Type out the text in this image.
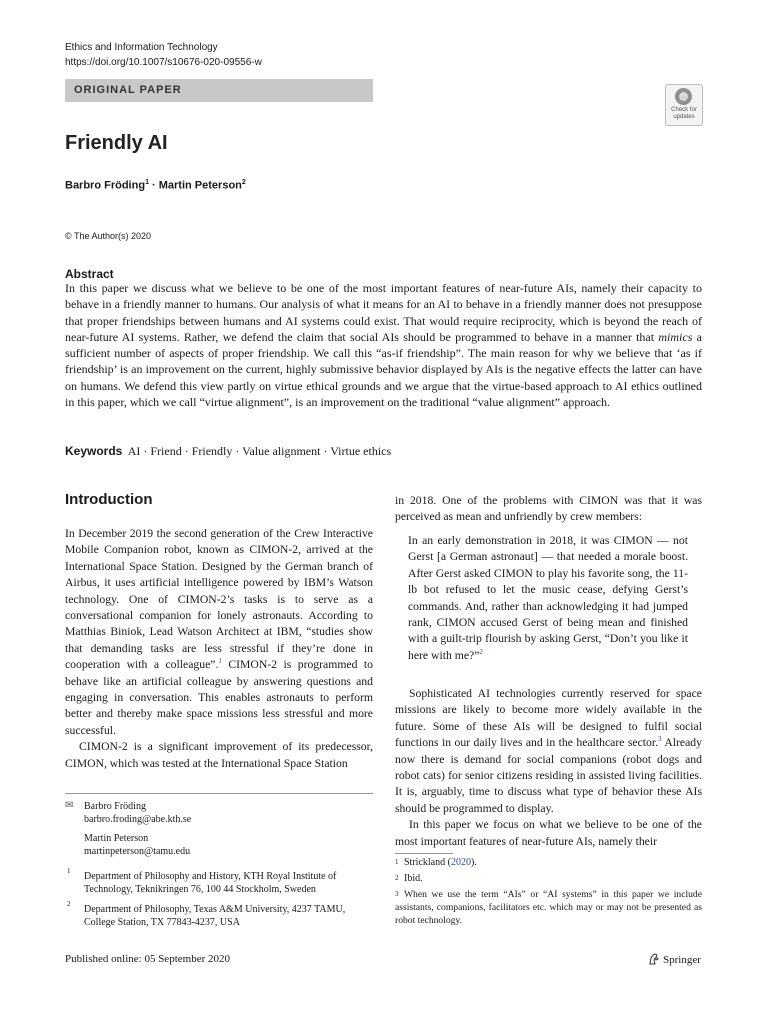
Ethics and Information Technology
https://doi.org/10.1007/s10676-020-09556-w
ORIGINAL PAPER
Check for
updates
Friendly AI
Barbro Fröding$^1$ · Martin Peterson$^2$
© The Author(s) 2020
Abstract
In this paper we discuss what we believe to be one of the most important features of near-future AIs, namely their capacity to behave in a friendly manner to humans. Our analysis of what it means for an AI to behave in a friendly manner does not presuppose that proper friendships between humans and AI systems could exist. That would require reciprocity, which is beyond the reach of near-future AI systems. Rather, we defend the claim that social AIs should be programmed to behave in a manner that mimics a sufficient number of aspects of proper friendship. We call this “as-if friendship”. The main reason for why we believe that ‘as if friendship’ is an improvement on the current, highly submissive behavior displayed by AIs is the negative effects the latter can have on humans. We defend this view partly on virtue ethical grounds and we argue that the virtue-based approach to AI ethics outlined in this paper, which we call “virtue alignment”, is an improvement on the traditional “value alignment” approach.
Keywords AI · Friend · Friendly · Value alignment · Virtue ethics
Introduction
In December 2019 the second generation of the Crew Interactive Mobile Companion robot, known as CIMON-2, arrived at the International Space Station. Designed by the German branch of Airbus, it uses artificial intelligence powered by IBM’s Watson technology. One of CIMON-2’s tasks is to serve as a conversational companion for lonely astronauts. According to Matthias Biniok, Lead Watson Architect at IBM, “studies show that demanding tasks are less stressful if they’re done in cooperation with a colleague”.$^1$ CIMON-2 is programmed to behave like an artificial colleague by answering questions and engaging in conversation. This enables astronauts to perform better and thereby make space missions less stressful and more successful.
CIMON-2 is a significant improvement of its predecessor, CIMON, which was tested at the International Space Station
in 2018. One of the problems with CIMON was that it was perceived as mean and unfriendly by crew members:
In an early demonstration in 2018, it was CIMON — not Gerst [a German astronaut] — that needed a morale boost. After Gerst asked CIMON to play his favorite song, the 11-lb bot refused to let the music cease, defying Gerst’s commands. And, rather than acknowledging it had jumped rank, CIMON accused Gerst of being mean and finished with a guilt-trip flourish by asking Gerst, “Don’t you like it here with me?”$^2$
Sophisticated AI technologies currently reserved for space missions are likely to become more widely available in the future. Some of these AIs will be designed to fulfil social functions in our daily lives and in the healthcare sector.$^3$ Already now there is demand for social companions (robot dogs and robot cats) for senior citizens residing in assisted living facilities. It is, arguably, time to discuss what type of behavior these AIs should be programmed to display.
In this paper we focus on what we believe to be one of the most important features of near-future AIs, namely their
✉ Barbro Fröding
barbro.froding@abe.kth.se
Martin Peterson
martinpeterson@tamu.edu
1 Department of Philosophy and History, KTH Royal Institute of Technology, Teknikringen 76, 100 44 Stockholm, Sweden
2 Department of Philosophy, Texas A&M University, 4237 TAMU, College Station, TX 77843-4237, USA
1 Strickland (2020).
2 Ibid.
3 When we use the term “AIs” or “AI systems” in this paper we include assistants, companions, facilitators etc. which may or may not be presented as robot technology.
Published online: 05 September 2020	Springer
